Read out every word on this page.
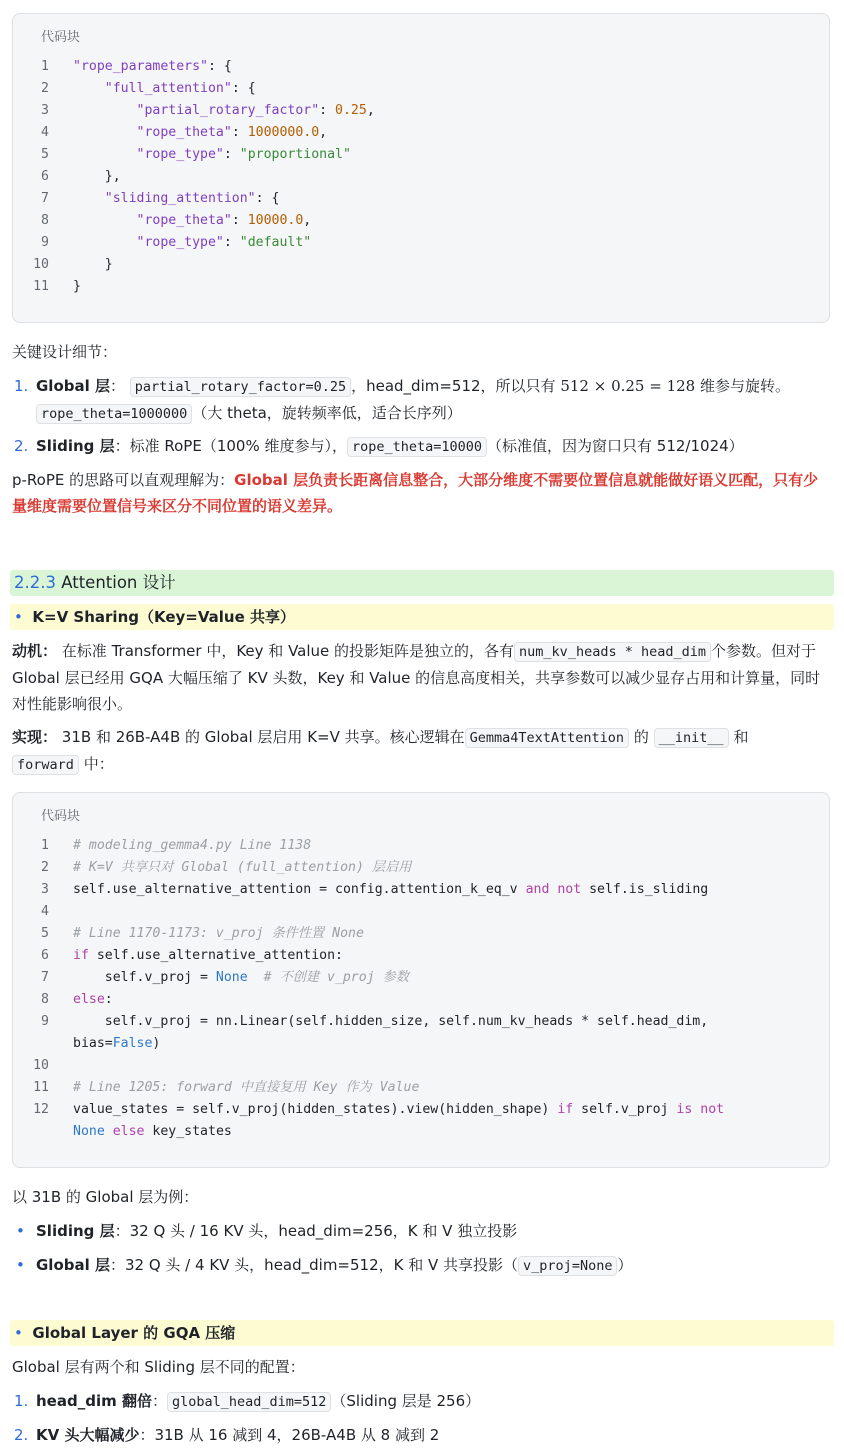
代码块
1 "rope_parameters": {
2	"full_attention": {
3	"partial_rotary_factor": 0.25,
4	"rope_theta": 1000000.0,
5	"rope_type": "proportional"
6 },
7	"sliding_attention": {
8	"rope_theta": 10000.0,
9	"rope_type": "default"
10 }
11 }
关键设计细节：
1. Global 层： partial_rotary_factor=0.25 ，head_dim=512，所以只有 512 × 0.25 = 128 维参与旋转。
rope_theta=1000000 （大 theta，旋转频率低，适合长序列）
2. Sliding 层：标准 RoPE（100% 维度参与）， rope_theta=10000 （标准值，因为窗口只有 512/1024）
p-RoPE 的思路可以直观理解为：Global 层负责长距离信息整合，大部分维度不需要位置信息就能做好语义匹配，只有少量维度需要位置信号来区分不同位置的语义差异。
2.2.3 Attention 设计
• K=V Sharing（Key=Value 共享）
动机： 在标准 Transformer 中，Key 和 Value 的投影矩阵是独立的，各有 num_kv_heads * head_dim 个参数。但对于 Global 层已经用 GQA 大幅压缩了 KV 头数，Key 和 Value 的信息高度相关，共享参数可以减少显存占用和计算量，同时对性能影响很小。
实现： 31B 和 26B-A4B 的 Global 层启用 K=V 共享。核心逻辑在 Gemma4TextAttention 的 __init__ 和
forward 中：
代码块
1 # modeling_gemma4.py Line 1138
2 # K=V 共享只对 Global (full_attention) 层启用
3 self.use_alternative_attention = config.attention_k_eq_v and not self.is_sliding
4
5 # Line 1170-1173: v_proj 条件性置 None
6 if self.use_alternative_attention:
7 self.v_proj = None # 不创建 v_proj 参数
8 else:
9 self.v_proj = nn.Linear(self.hidden_size, self.num_kv_heads * self.head_dim,
bias=False)
10
11 # Line 1205: forward 中直接复用 Key 作为 Value
12 value_states = self.v_proj(hidden_states).view(hidden_shape) if self.v_proj is not
None else key_states
以 31B 的 Global 层为例：
• Sliding 层：32 Q 头 / 16 KV 头，head_dim=256，K 和 V 独立投影
• Global 层：32 Q 头 / 4 KV 头，head_dim=512，K 和 V 共享投影（ v_proj=None ）
• Global Layer 的 GQA 压缩
Global 层有两个和 Sliding 层不同的配置：
1. head_dim 翻倍： global_head_dim=512 （Sliding 层是 256）
2. KV 头大幅减少：31B 从 16 减到 4，26B-A4B 从 8 减到 2
